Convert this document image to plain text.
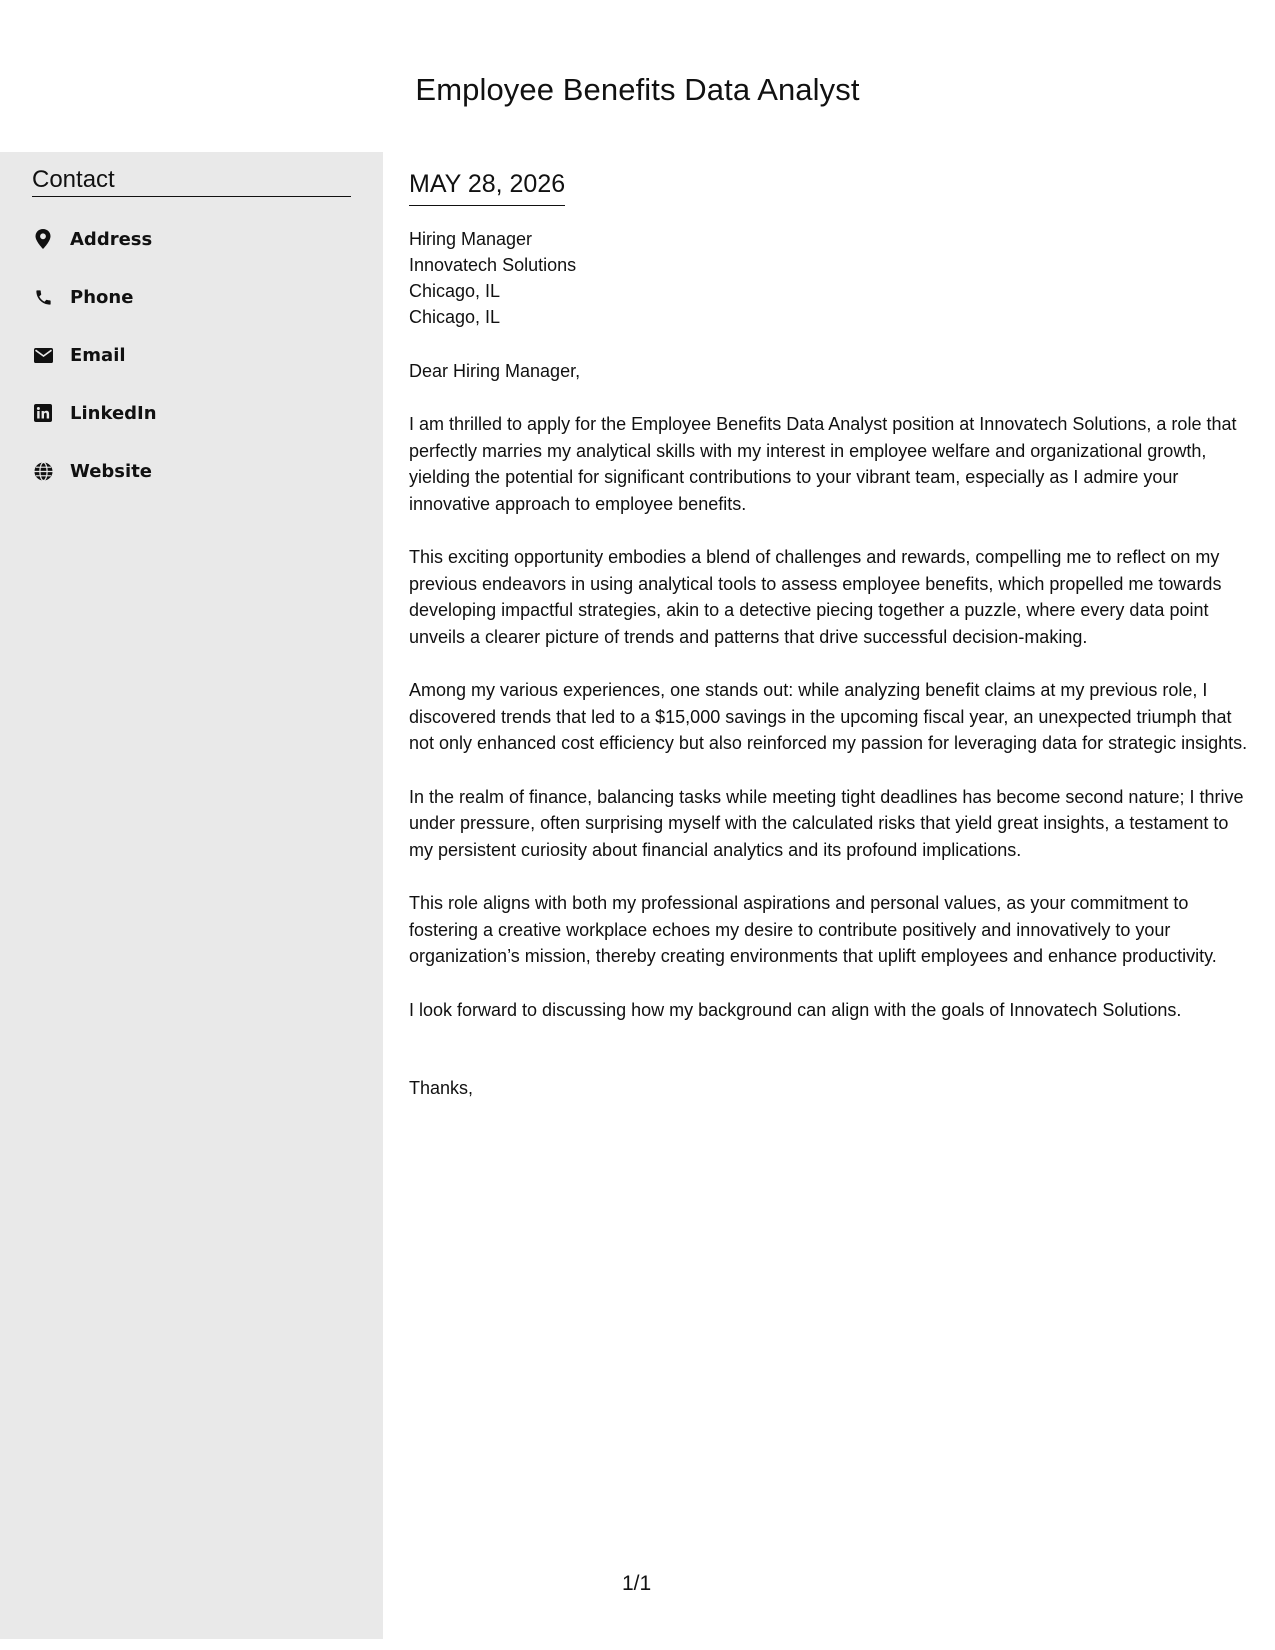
Employee Benefits Data Analyst
Contact
Address
Phone
Email
LinkedIn
Website
MAY 28, 2026
Hiring Manager
Innovatech Solutions
Chicago, IL
Chicago, IL
Dear Hiring Manager,

I am thrilled to apply for the Employee Benefits Data Analyst position at Innovatech Solutions, a role that perfectly marries my analytical skills with my interest in employee welfare and organizational growth, yielding the potential for significant contributions to your vibrant team, especially as I admire your innovative approach to employee benefits.

This exciting opportunity embodies a blend of challenges and rewards, compelling me to reflect on my previous endeavors in using analytical tools to assess employee benefits, which propelled me towards developing impactful strategies, akin to a detective piecing together a puzzle, where every data point unveils a clearer picture of trends and patterns that drive successful decision-making.

Among my various experiences, one stands out: while analyzing benefit claims at my previous role, I discovered trends that led to a $15,000 savings in the upcoming fiscal year, an unexpected triumph that not only enhanced cost efficiency but also reinforced my passion for leveraging data for strategic insights.

In the realm of finance, balancing tasks while meeting tight deadlines has become second nature; I thrive under pressure, often surprising myself with the calculated risks that yield great insights, a testament to my persistent curiosity about financial analytics and its profound implications.

This role aligns with both my professional aspirations and personal values, as your commitment to fostering a creative workplace echoes my desire to contribute positively and innovatively to your organization’s mission, thereby creating environments that uplift employees and enhance productivity.

I look forward to discussing how my background can align with the goals of Innovatech Solutions.

Thanks,
1/1
